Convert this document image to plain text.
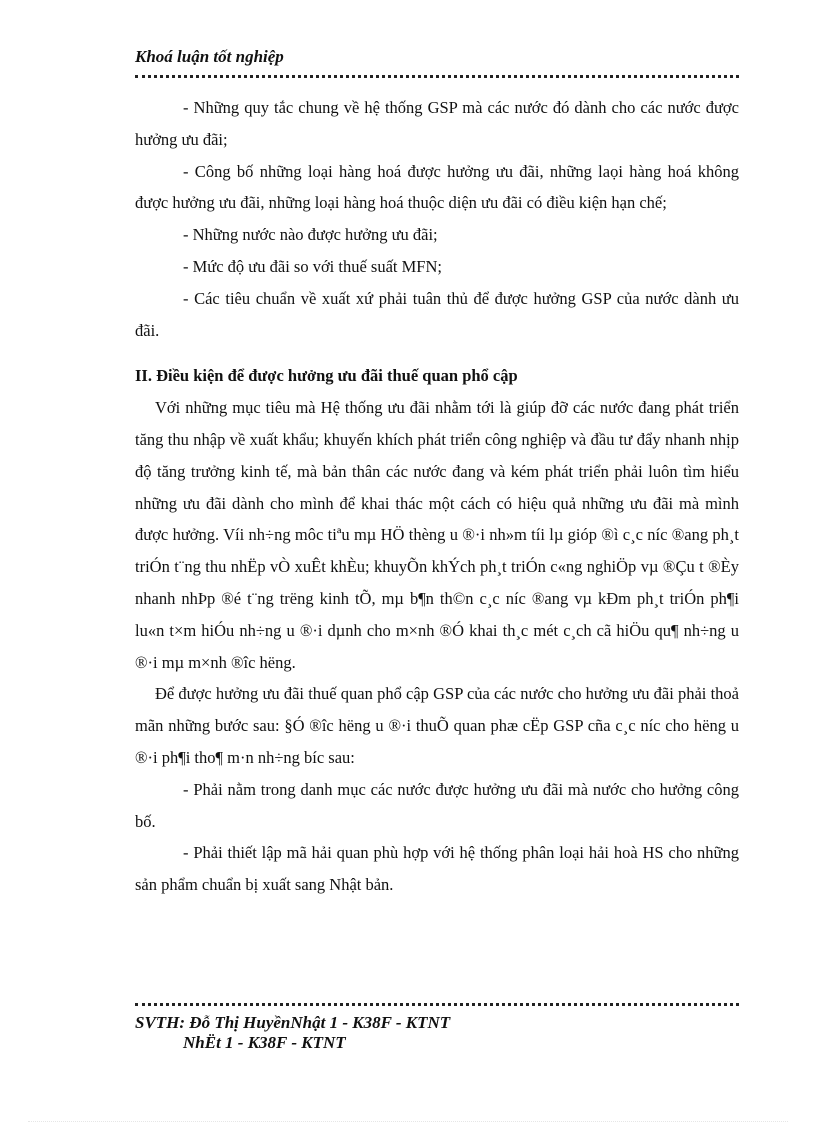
Khoá luận tốt nghiệp

- Những quy tắc chung về hệ thống GSP mà các nước đó dành cho các nước được hưởng ưu đãi;

- Công bố những loại hàng hoá được hưởng ưu đãi, những laọi hàng hoá không được hưởng ưu đãi, những loại hàng hoá thuộc diện ưu đãi có điều kiện hạn chế;

- Những nước nào được hưởng ưu đãi;

- Mức độ ưu đãi so với thuế suất MFN;

- Các tiêu chuẩn về xuất xứ phải tuân thủ để được hưởng GSP của nước dành ưu đãi.

II. Điều kiện để được hưởng ưu đãi thuế quan phổ cập

Với những mục tiêu mà Hệ thống ưu đãi nhằm tới là giúp đỡ các nước đang phát triển tăng thu nhập về xuất khẩu; khuyến khích phát triển công nghiệp và đầu tư đẩy nhanh nhịp độ tăng trưởng kinh tế, mà bản thân các nước đang và kém phát triển phải luôn tìm hiểu những ưu đãi dành cho mình để khai thác một cách có hiệu quả những ưu đãi mà mình được hưởng. Víi nh÷ng môc tiªu mµ HÖ thèng u ®·i nh»m tíi lµ gióp ®ì c¸c níc ®ang ph¸t triÓn t¨ng thu nhËp vÒ xuÊt khÈu; khuyÕn khÝch ph¸t triÓn c«ng nghiÖp vµ ®Çu t ®Èy nhanh nhÞp ®é t¨ng trëng kinh tÕ, mµ b¶n th©n c¸c níc ®ang vµ kÐm ph¸t triÓn ph¶i lu«n t×m hiÓu nh÷ng u ®·i dµnh cho m×nh ®Ó khai th¸c mét c¸ch cã hiÖu qu¶ nh÷ng u ®·i mµ m×nh ®îc hëng.

Để được hưởng ưu đãi thuế quan phổ cập GSP của các nước cho hưởng ưu đãi phải thoả mãn những bước sau: §Ó ®îc hëng u ®·i thuÕ quan phæ cËp GSP cña c¸c níc cho hëng u ®·i ph¶i tho¶ m·n nh÷ng bíc sau:

- Phải nằm trong danh mục các nước được hưởng ưu đãi mà nước cho hưởng công bố.

- Phải thiết lập mã hải quan phù hợp với hệ thống phân loại hải hoà HS cho những sản phẩm chuẩn bị xuất sang Nhật bản.

SVTH: Đỗ Thị HuyềnNhật 1 - K38F - KTNT
NhËt 1 - K38F - KTNT
